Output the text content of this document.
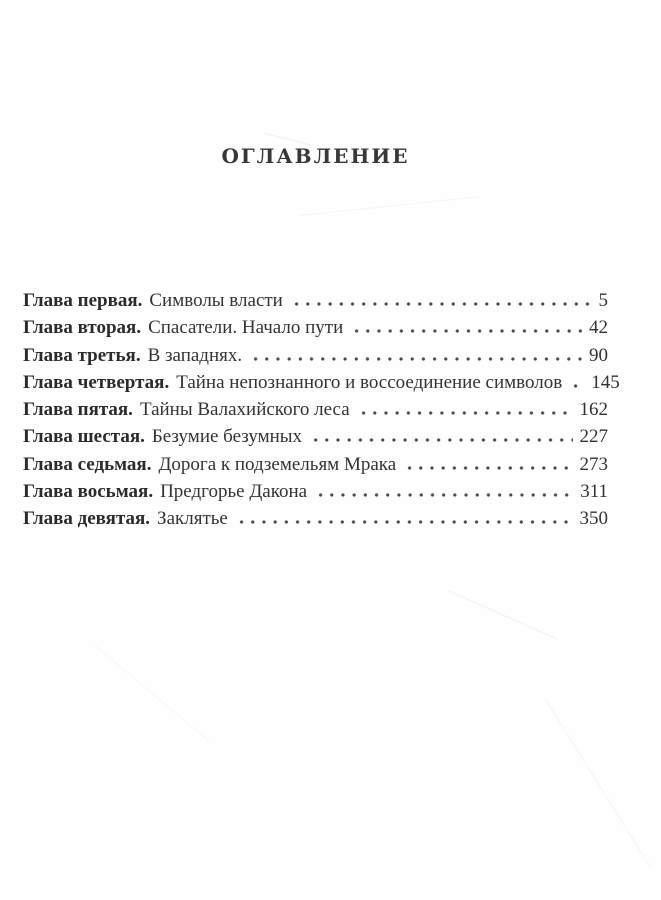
ОГЛАВЛЕНИЕ
Глава первая. Символы власти	5
Глава вторая. Спасатели. Начало пути	42
Глава третья. В западнях.	90
Глава четвертая. Тайна непознанного и воссоединение символов 145
Глава пятая. Тайны Валахийского леса	162
Глава шестая. Безумие безумных	227
Глава седьмая. Дорога к подземельям Мрака	273
Глава восьмая. Предгорье Дакона	311
Глава девятая. Заклятье	350
